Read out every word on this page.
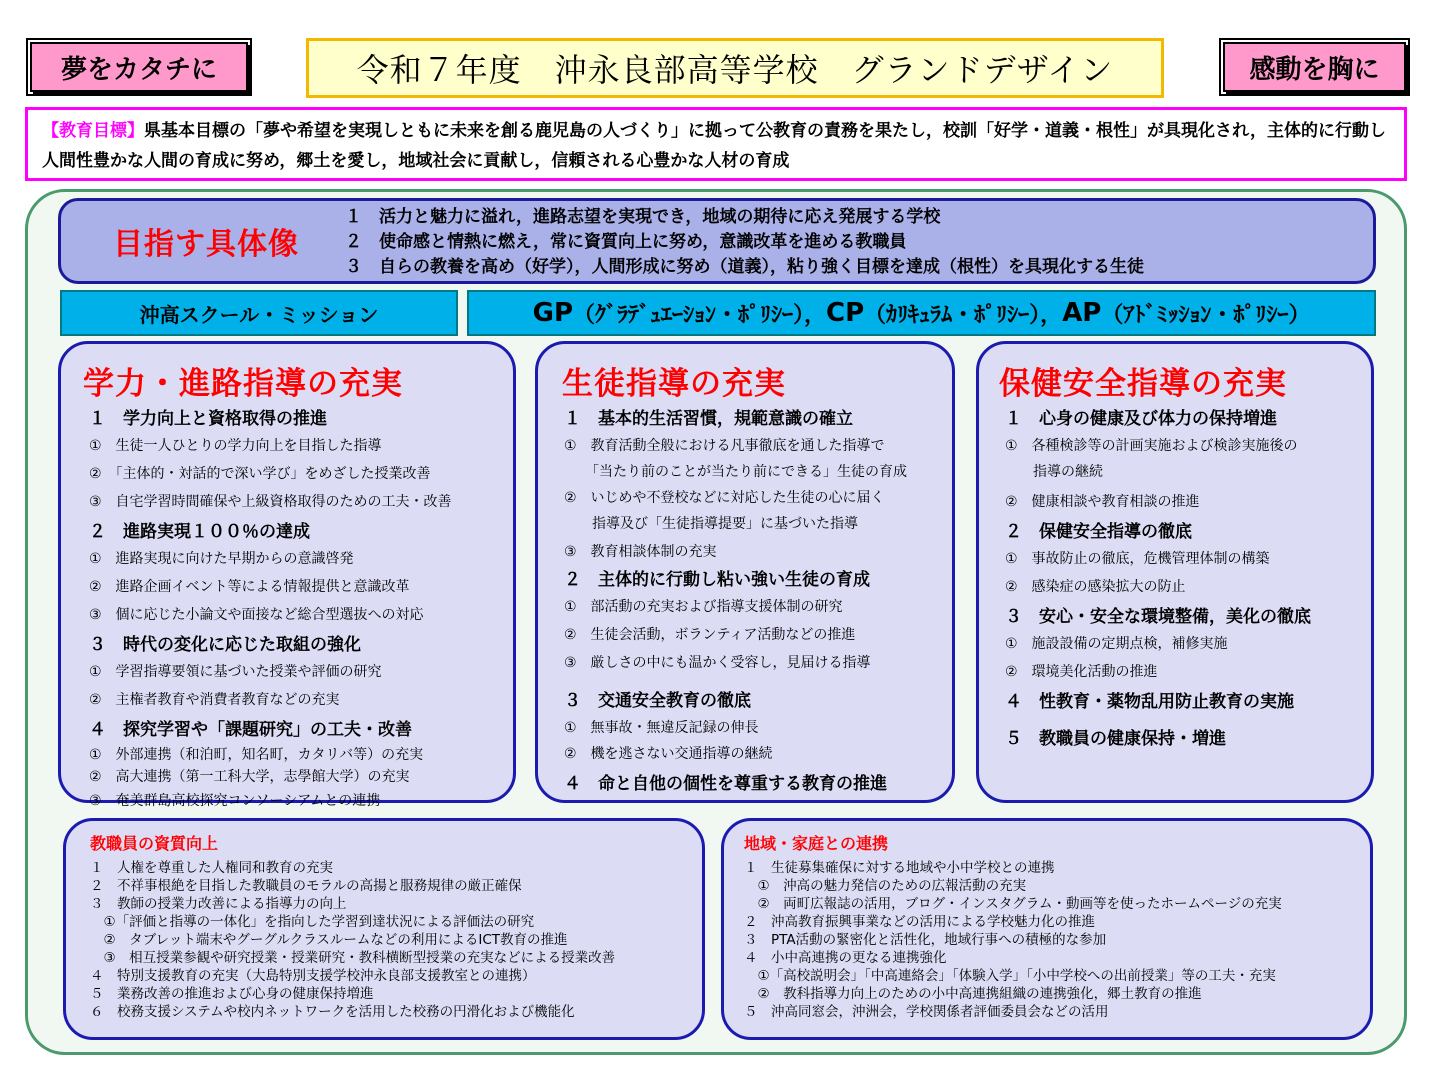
夢をカタチに	令和７年度　沖永良部高等学校　グランドデザイン	感動を胸に
【教育目標】県基本目標の「夢や希望を実現しともに未来を創る鹿児島の人づくり」に拠って公教育の責務を果たし，校訓「好学・道義・根性」が具現化され，主体的に行動し人間性豊かな人間の育成に努め，郷土を愛し，地域社会に貢献し，信頼される心豊かな人材の育成
目指す具体像
１　活力と魅力に溢れ，進路志望を実現でき，地域の期待に応え発展する学校
２　使命感と情熱に燃え，常に資質向上に努め，意識改革を進める教職員
３　自らの教養を高め（好学），人間形成に努め（道義），粘り強く目標を達成（根性）を具現化する生徒
沖高スクール・ミッション	GP （ｸﾞﾗﾃﾞｭｴｰｼｮﾝ・ﾎﾟﾘｼｰ）， CP （ｶﾘｷｭﾗﾑ・ﾎﾟﾘｼｰ）， AP （ｱﾄﾞﾐｯｼｮﾝ・ﾎﾟﾘｼｰ）
学力・進路指導の充実
１　学力向上と資格取得の推進
①　生徒一人ひとりの学力向上を目指した指導
②　「主体的・対話的で深い学び」をめざした授業改善
③　自宅学習時間確保や上級資格取得のための工夫・改善
２　進路実現１００％の達成
①　進路実現に向けた早期からの意識啓発
②　進路企画イベント等による情報提供と意識改革
③　個に応じた小論文や面接など総合型選抜への対応
３　時代の変化に応じた取組の強化
①　学習指導要領に基づいた授業や評価の研究
②　主権者教育や消費者教育などの充実
４　探究学習や「課題研究」の工夫・改善
①　外部連携（和泊町，知名町，カタリバ等）の充実
②　高大連携（第一工科大学，志學館大学）の充実
③　奄美群島高校探究コンソーシアムとの連携
生徒指導の充実
１　基本的生活習慣，規範意識の確立
①　教育活動全般における凡事徹底を通した指導で
　　「当たり前のことが当たり前にできる」生徒の育成
②　いじめや不登校などに対応した生徒の心に届く
　　指導及び「生徒指導提要」に基づいた指導
③　教育相談体制の充実
２　主体的に行動し粘い強い生徒の育成
①　部活動の充実および指導支援体制の研究
②　生徒会活動，ボランティア活動などの推進
③　厳しさの中にも温かく受容し，見届ける指導
３　交通安全教育の徹底
①　無事故・無違反記録の伸長
②　機を逃さない交通指導の継続
４　命と自他の個性を尊重する教育の推進
保健安全指導の充実
１　心身の健康及び体力の保持増進
①　各種検診等の計画実施および検診実施後の
　　指導の継続
②　健康相談や教育相談の推進
２　保健安全指導の徹底
①　事故防止の徹底，危機管理体制の構築
②　感染症の感染拡大の防止
３　安心・安全な環境整備，美化の徹底
①　施設設備の定期点検，補修実施
②　環境美化活動の推進
４　性教育・薬物乱用防止教育の実施
５　教職員の健康保持・増進
教職員の資質向上
１　人権を尊重した人権同和教育の充実
２　不祥事根絶を目指した教職員のモラルの高揚と服務規律の厳正確保
３　教師の授業力改善による指導力の向上
　①「評価と指導の一体化」を指向した学習到達状況による評価法の研究
　②　タブレット端末やグーグルクラスルームなどの利用によるICT教育の推進
　③　相互授業参観や研究授業・授業研究・教科横断型授業の充実などによる授業改善
４　特別支援教育の充実（大島特別支援学校沖永良部支援教室との連携）
５　業務改善の推進および心身の健康保持増進
６　校務支援システムや校内ネットワークを活用した校務の円滑化および機能化
地域・家庭との連携
１　生徒募集確保に対する地域や小中学校との連携
　①　沖高の魅力発信のための広報活動の充実
　②　両町広報誌の活用，ブログ・インスタグラム・動画等を使ったホームページの充実
２　沖高教育振興事業などの活用による学校魅力化の推進
３　PTA活動の緊密化と活性化，地域行事への積極的な参加
４　小中高連携の更なる連携強化
　①「高校説明会」「中高連絡会」「体験入学」「小中学校への出前授業」等の工夫・充実
　②　教科指導力向上のための小中高連携組織の連携強化，郷土教育の推進
５　沖高同窓会，沖洲会，学校関係者評価委員会などの活用
